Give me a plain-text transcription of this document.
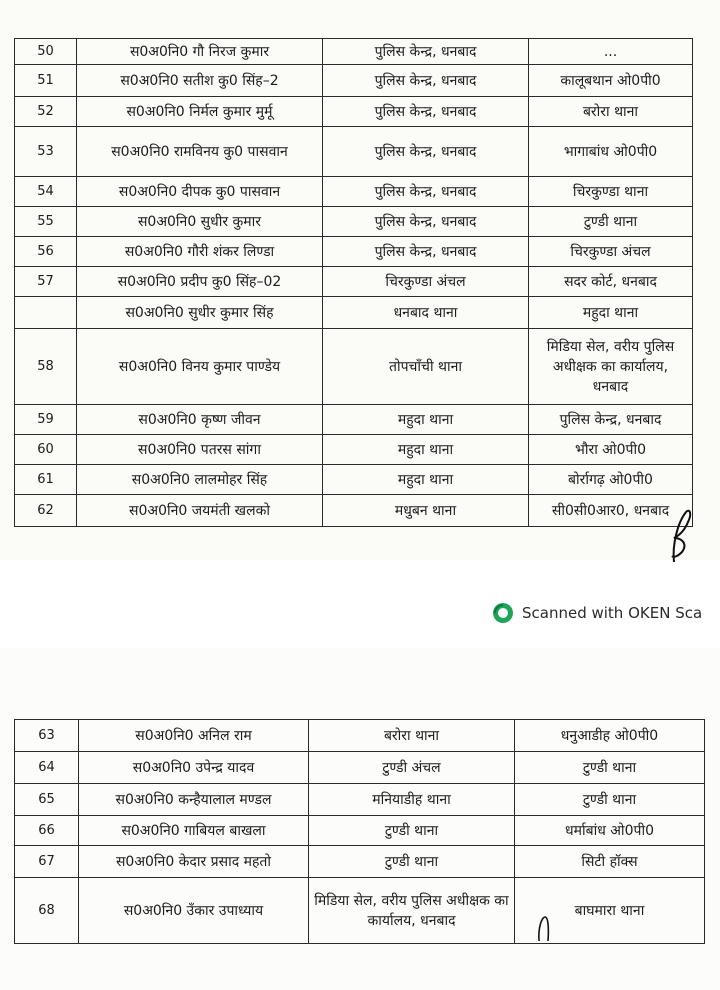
50	स0अ0नि0 गौ निरज कुमार	पुलिस केन्द्र, धनबाद	...
51	स0अ0नि0 सतीश कु0 सिंह–2	पुलिस केन्द्र, धनबाद	कालूबथान ओ0पी0
52	स0अ0नि0 निर्मल कुमार मुर्मू	पुलिस केन्द्र, धनबाद	बरोरा थाना
53	स0अ0नि0 रामविनय कु0 पासवान	पुलिस केन्द्र, धनबाद	भागाबांध ओ0पी0
54	स0अ0नि0 दीपक कु0 पासवान	पुलिस केन्द्र, धनबाद	चिरकुण्डा थाना
55	स0अ0नि0 सुधीर कुमार	पुलिस केन्द्र, धनबाद	टुण्डी थाना
56	स0अ0नि0 गौरी शंकर लिण्डा	पुलिस केन्द्र, धनबाद	चिरकुण्डा अंचल
57	स0अ0नि0 प्रदीप कु0 सिंह–02	चिरकुण्डा अंचल	सदर कोर्ट, धनबाद
	स0अ0नि0 सुधीर कुमार सिंह	धनबाद थाना	महुदा थाना
58	स0अ0नि0 विनय कुमार पाण्डेय	तोपचाँची थाना	मिडिया सेल, वरीय पुलिस अधीक्षक का कार्यालय, धनबाद
59	स0अ0नि0 कृष्ण जीवन	महुदा थाना	पुलिस केन्द्र, धनबाद
60	स0अ0नि0 पतरस सांगा	महुदा थाना	भौरा ओ0पी0
61	स0अ0नि0 लालमोहर सिंह	महुदा थाना	बोर्रागढ़ ओ0पी0
62	स0अ0नि0 जयमंती खलको	मधुबन थाना	सी0सी0आर0, धनबाद
Scanned with OKEN Sca
63	स0अ0नि0 अनिल राम	बरोरा थाना	धनुआडीह ओ0पी0
64	स0अ0नि0 उपेन्द्र यादव	टुण्डी अंचल	टुण्डी थाना
65	स0अ0नि0 कन्हैयालाल मण्डल	मनियाडीह थाना	टुण्डी थाना
66	स0अ0नि0 गाबियल बाखला	टुण्डी थाना	धर्माबांध ओ0पी0
67	स0अ0नि0 केदार प्रसाद महतो	टुण्डी थाना	सिटी हॉक्स
68	स0अ0नि0 उँकार उपाध्याय	मिडिया सेल, वरीय पुलिस अधीक्षक का कार्यालय, धनबाद	बाघमारा थाना
